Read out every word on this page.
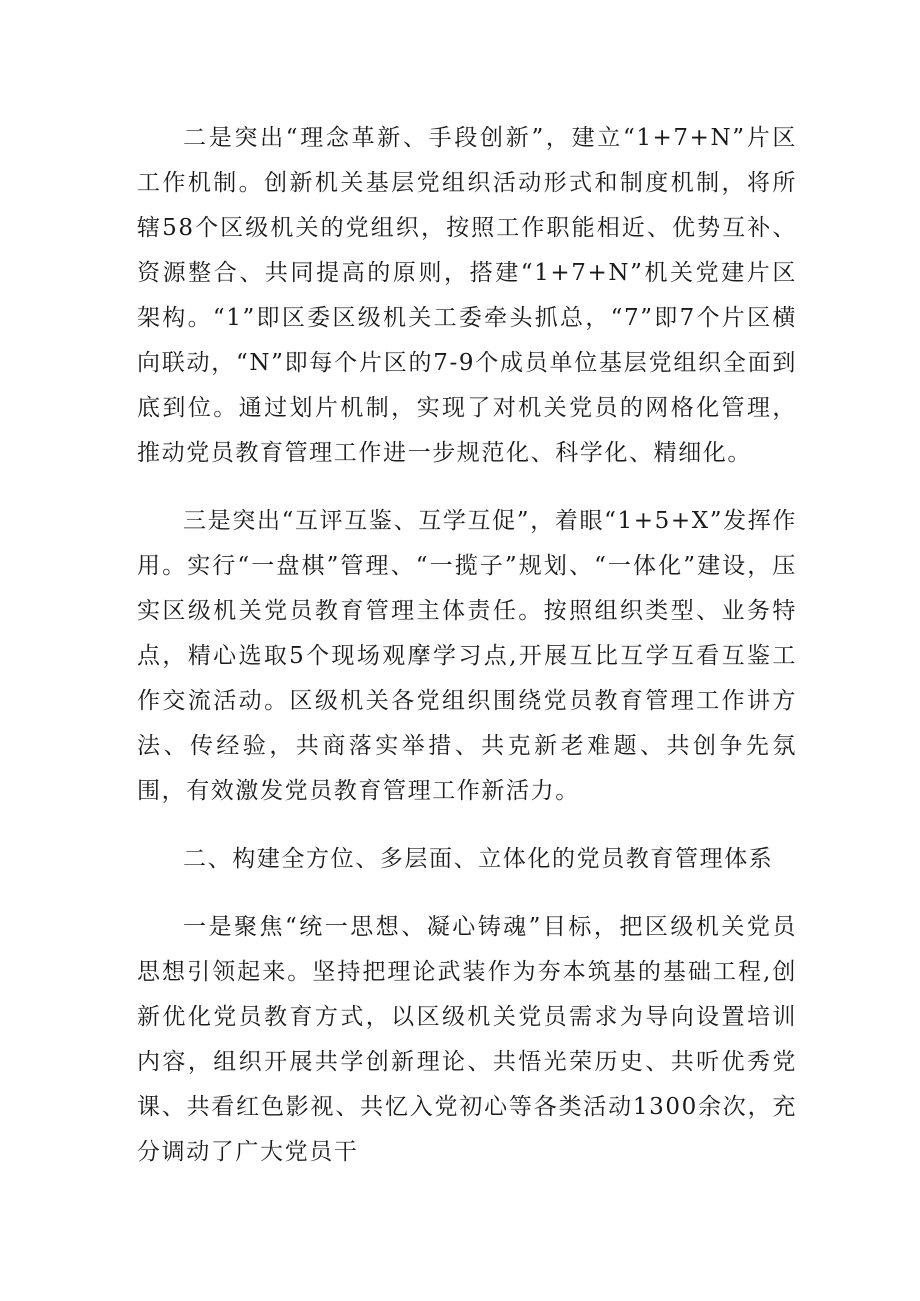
二是突出“理念革新、手段创新”，建立“1+7+N”片区工作机制。创新机关基层党组织活动形式和制度机制，将所辖58个区级机关的党组织，按照工作职能相近、优势互补、资源整合、共同提高的原则，搭建“1+7+N”机关党建片区架构。“1”即区委区级机关工委牵头抓总，“7”即7个片区横向联动，“N”即每个片区的7-9个成员单位基层党组织全面到底到位。通过划片机制，实现了对机关党员的网格化管理，推动党员教育管理工作进一步规范化、科学化、精细化。

三是突出“互评互鉴、互学互促”，着眼“1+5+X”发挥作用。实行“一盘棋”管理、“一揽子”规划、“一体化”建设，压实区级机关党员教育管理主体责任。按照组织类型、业务特点，精心选取5个现场观摩学习点,开展互比互学互看互鉴工作交流活动。区级机关各党组织围绕党员教育管理工作讲方法、传经验，共商落实举措、共克新老难题、共创争先氛围，有效激发党员教育管理工作新活力。

二、构建全方位、多层面、立体化的党员教育管理体系

一是聚焦“统一思想、凝心铸魂”目标，把区级机关党员思想引领起来。坚持把理论武装作为夯本筑基的基础工程,创新优化党员教育方式，以区级机关党员需求为导向设置培训内容，组织开展共学创新理论、共悟光荣历史、共听优秀党课、共看红色影视、共忆入党初心等各类活动1300余次，充分调动了广大党员干
